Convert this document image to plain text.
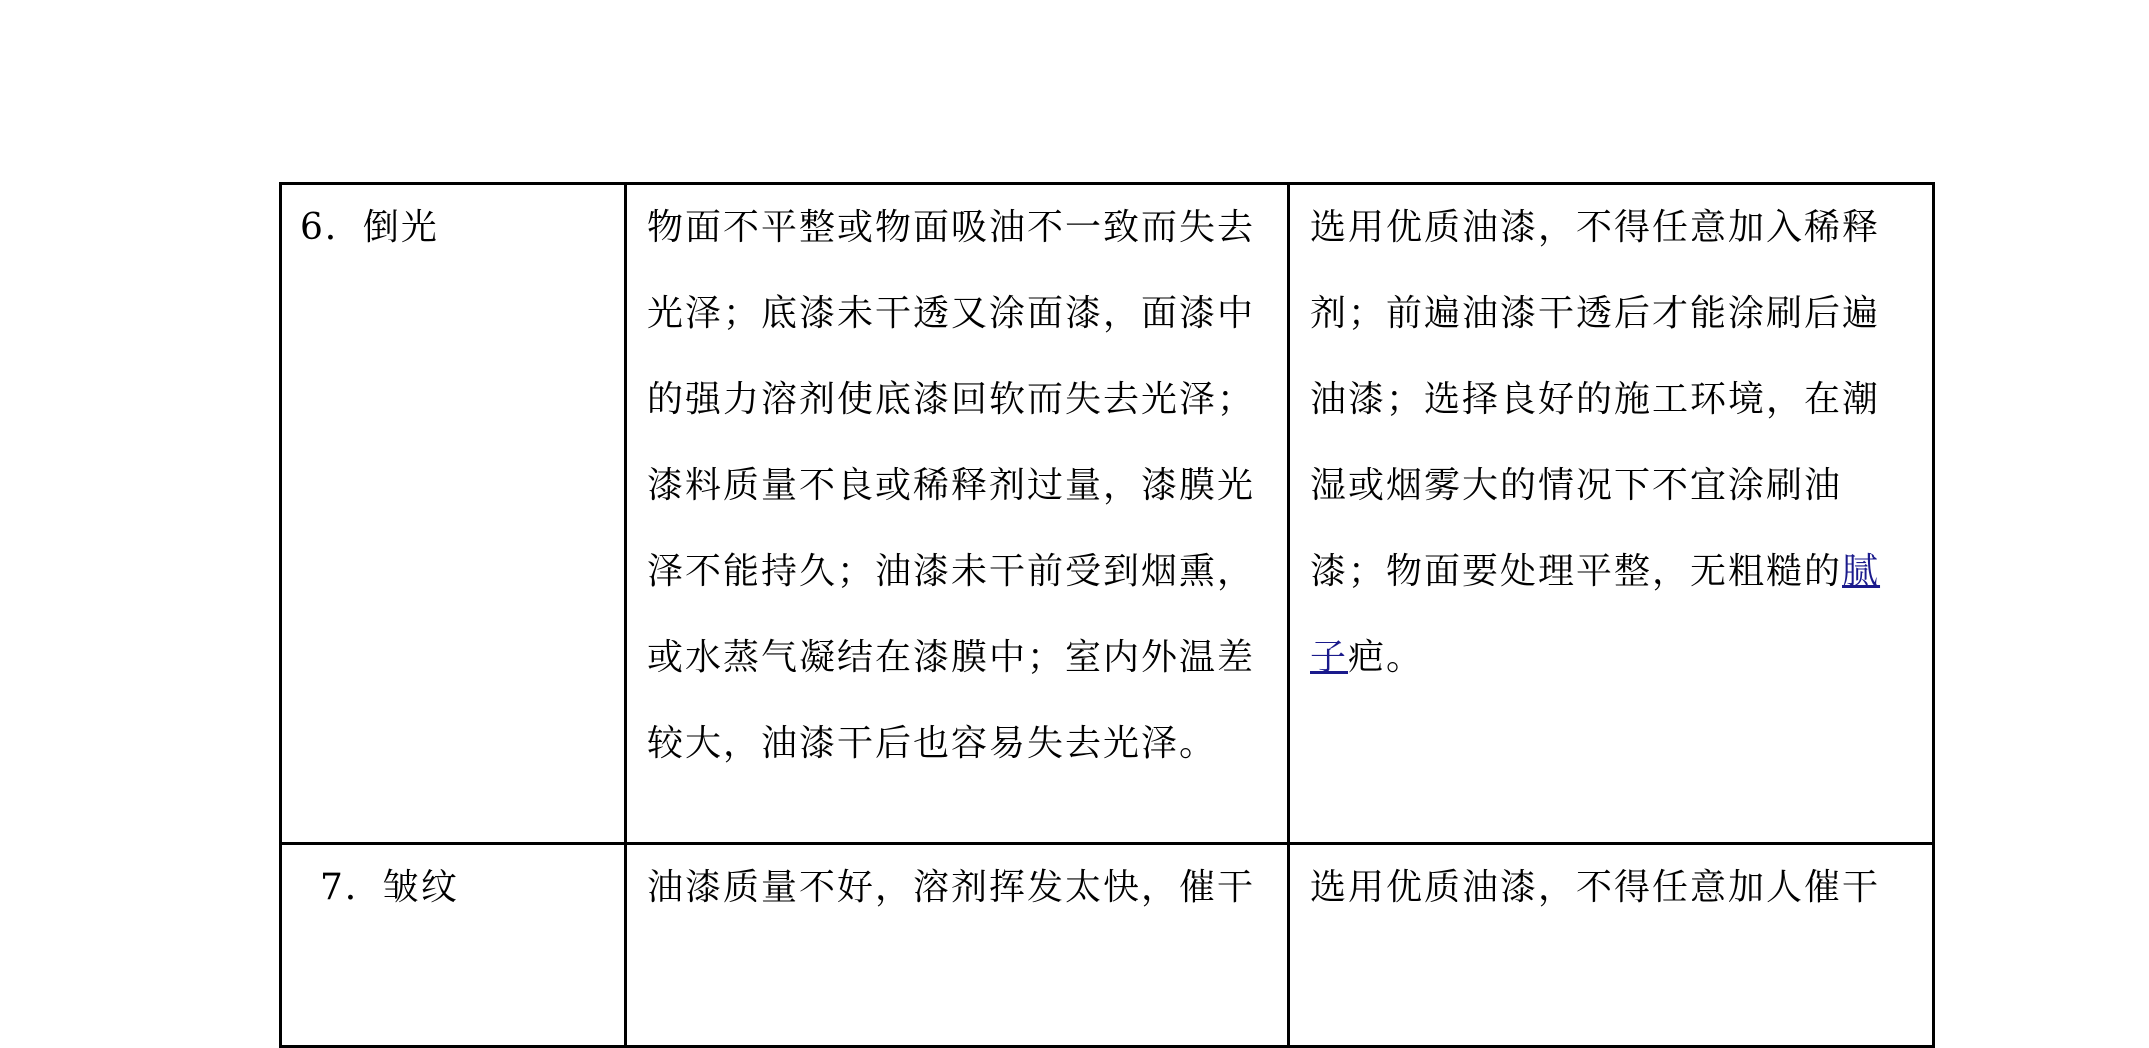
6．倒光	物面不平整或物面吸油不一致而失去光泽；底漆未干透又涂面漆，面漆中的强力溶剂使底漆回软而失去光泽；漆料质量不良或稀释剂过量，漆膜光泽不能持久；油漆未干前受到烟熏，或水蒸气凝结在漆膜中；室内外温差较大，油漆干后也容易失去光泽。	选用优质油漆，不得任意加入稀释剂；前遍油漆干透后才能涂刷后遍油漆；选择良好的施工环境，在潮湿或烟雾大的情况下不宜涂刷油漆；物面要处理平整，无粗糙的腻子疤。
7．皱纹	油漆质量不好，溶剂挥发太快，催干	选用优质油漆，不得任意加人催干
